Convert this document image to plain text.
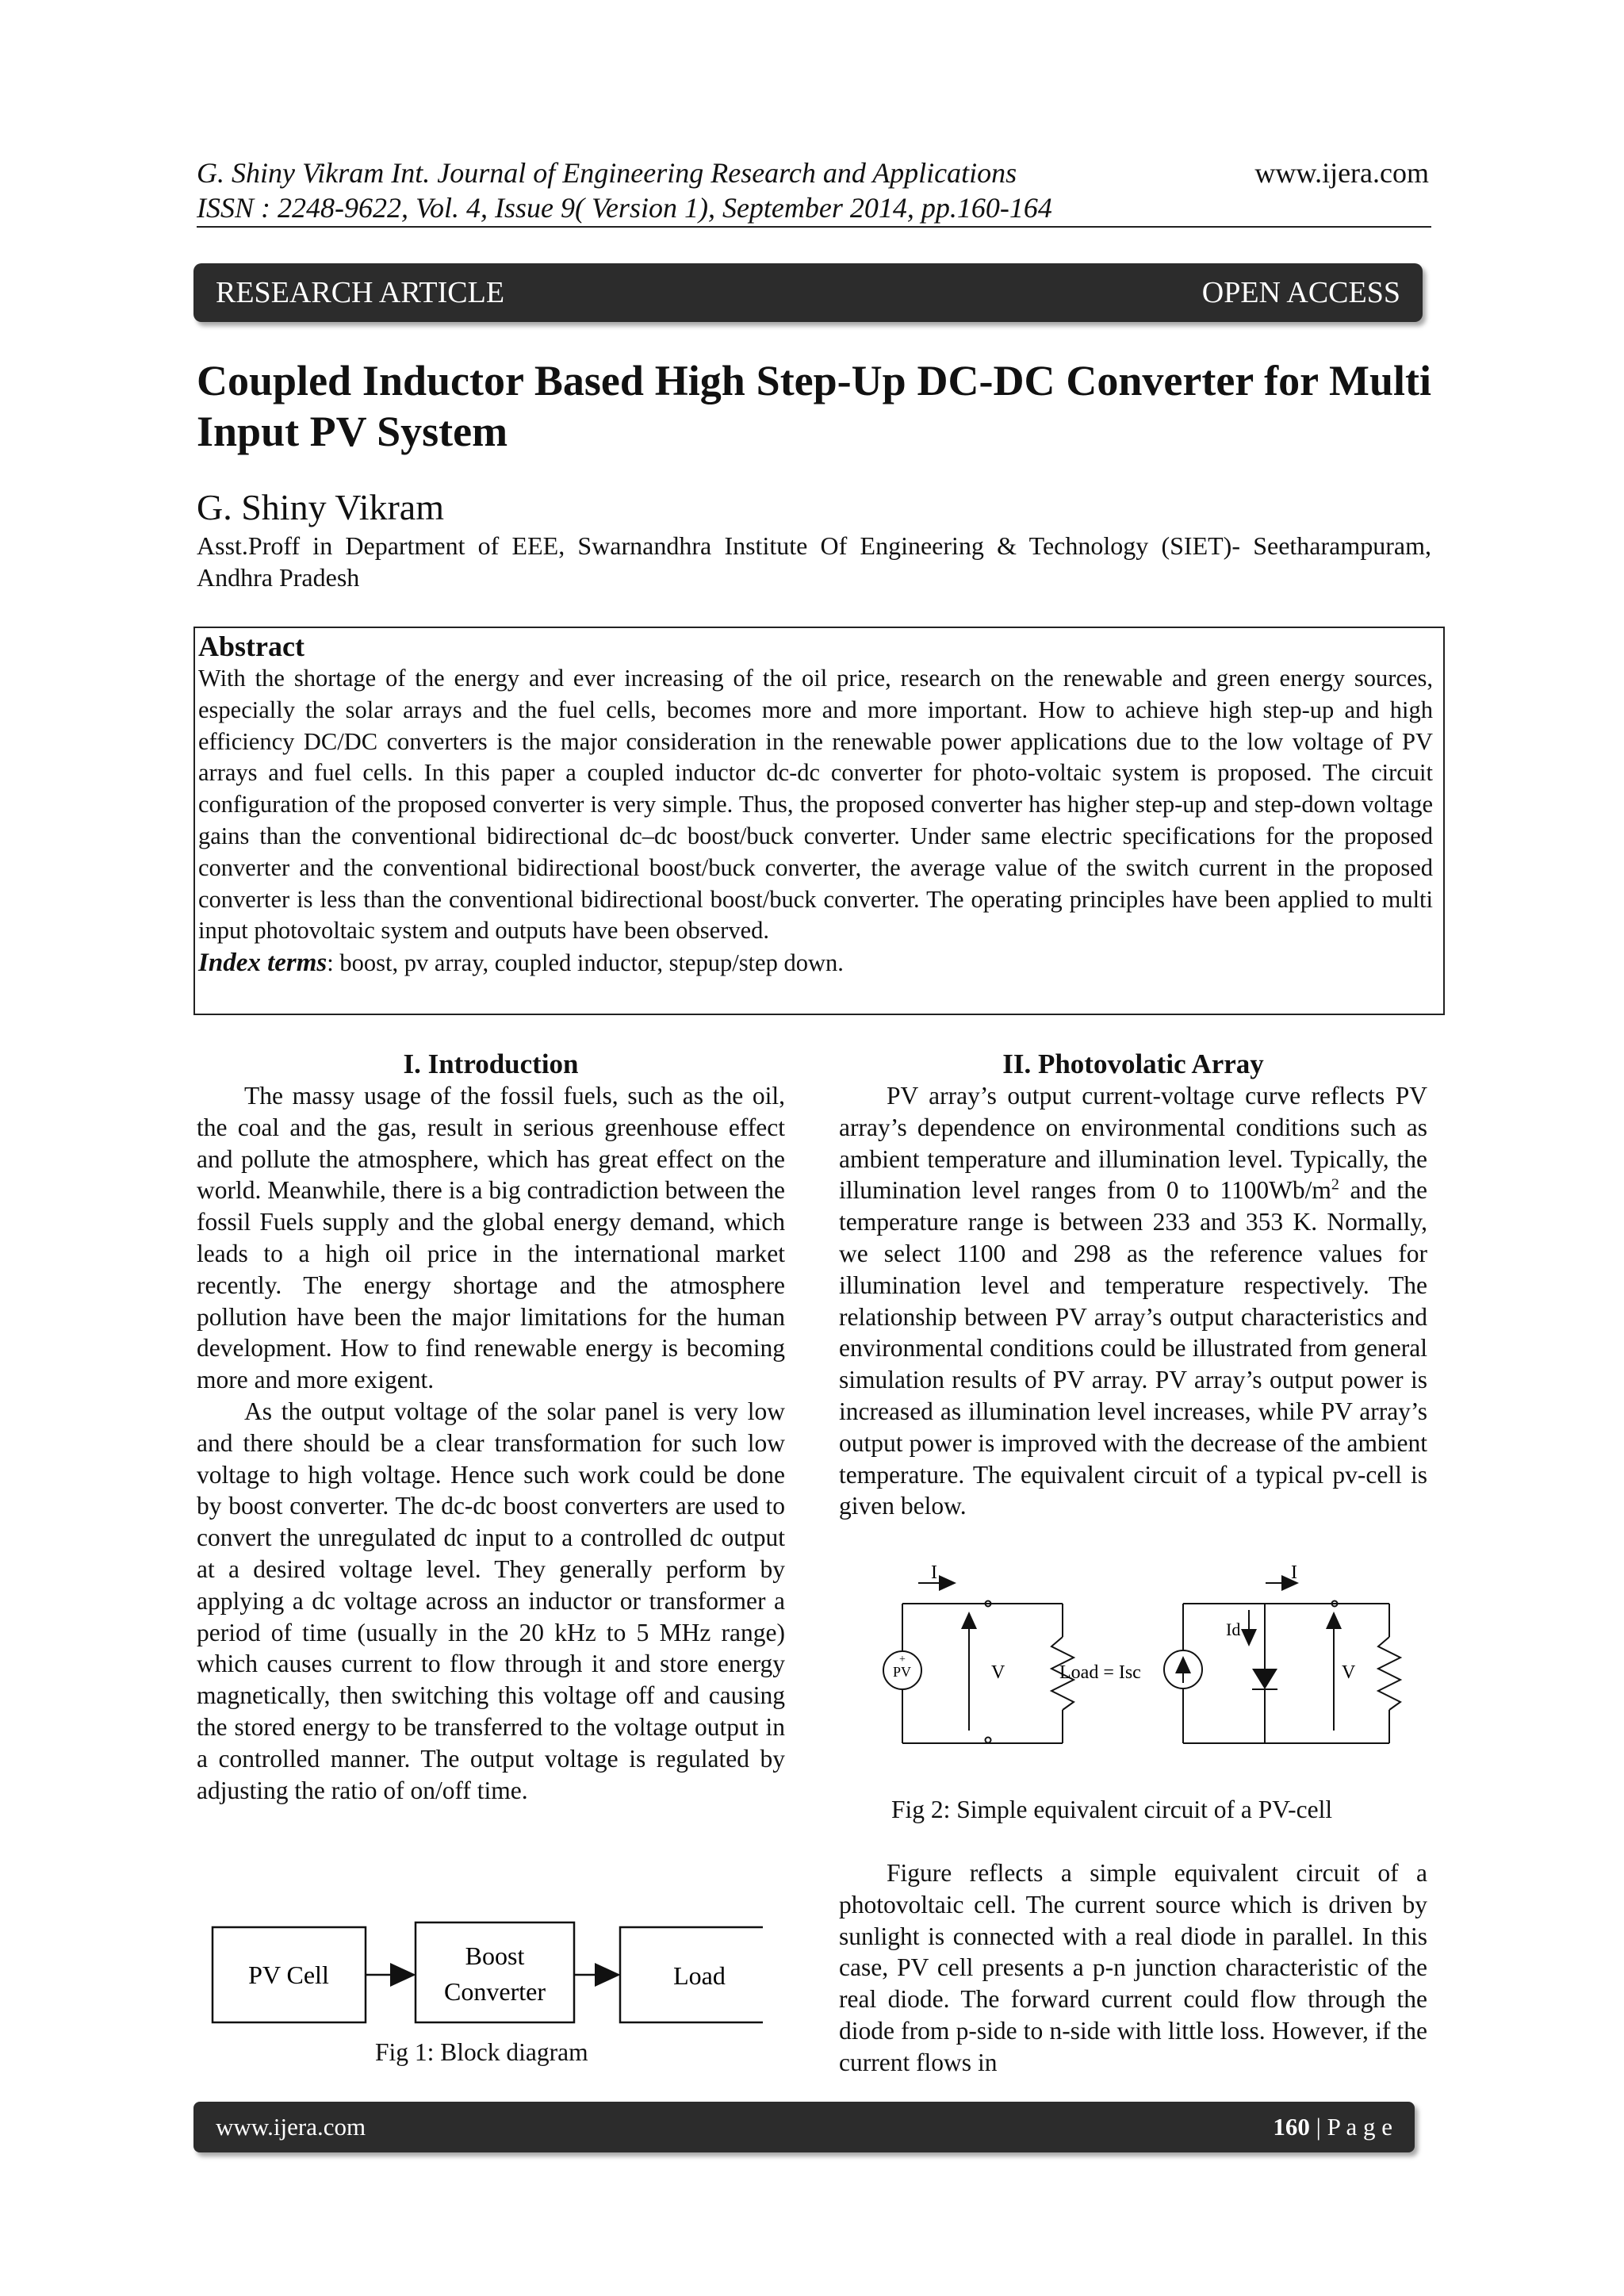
G. Shiny Vikram Int. Journal of Engineering Research and Applications	www.ijera.com
ISSN : 2248-9622, Vol. 4, Issue 9( Version 1), September 2014, pp.160-164
RESEARCH ARTICLE	OPEN ACCESS
Coupled Inductor Based High Step-Up DC-DC Converter for Multi Input PV System
G. Shiny Vikram
Asst.Proff in Department of EEE, Swarnandhra Institute Of Engineering & Technology (SIET)- Seetharampuram, Andhra Pradesh
Abstract
With the shortage of the energy and ever increasing of the oil price, research on the renewable and green energy sources, especially the solar arrays and the fuel cells, becomes more and more important. How to achieve high step-up and high efficiency DC/DC converters is the major consideration in the renewable power applications due to the low voltage of PV arrays and fuel cells. In this paper a coupled inductor dc-dc converter for photo-voltaic system is proposed. The circuit configuration of the proposed converter is very simple. Thus, the proposed converter has higher step-up and step-down voltage gains than the conventional bidirectional dc–dc boost/buck converter. Under same electric specifications for the proposed converter and the conventional bidirectional boost/buck converter, the average value of the switch current in the proposed converter is less than the conventional bidirectional boost/buck converter. The operating principles have been applied to multi input photovoltaic system and outputs have been observed.
Index terms: boost, pv array, coupled inductor, stepup/step down.
I. Introduction

The massy usage of the fossil fuels, such as the oil, the coal and the gas, result in serious greenhouse effect and pollute the atmosphere, which has great effect on the world. Meanwhile, there is a big contradiction between the fossil Fuels supply and the global energy demand, which leads to a high oil price in the international market recently. The energy shortage and the atmosphere pollution have been the major limitations for the human development. How to find renewable energy is becoming more and more exigent.

As the output voltage of the solar panel is very low and there should be a clear transformation for such low voltage to high voltage. Hence such work could be done by boost converter. The dc-dc boost converters are used to convert the unregulated dc input to a controlled dc output at a desired voltage level. They generally perform by applying a dc voltage across an inductor or transformer a period of time (usually in the 20 kHz to 5 MHz range) which causes current to flow through it and store energy magnetically, then switching this voltage off and causing the stored energy to be transferred to the voltage output in a controlled manner. The output voltage is regulated by adjusting the ratio of on/off time.

PV Cell
Boost
Converter
Load
Fig 1: Block diagram
II. Photovolatic Array

PV array’s output current-voltage curve reflects PV array’s dependence on environmental conditions such as ambient temperature and illumination level. Typically, the illumination level ranges from 0 to $1100Wb/m^2$ and the temperature range is between 233 and 353 K. Normally, we select 1100 and 298 as the reference values for illumination level and temperature respectively. The relationship between PV array’s output characteristics and environmental conditions could be illustrated from general simulation results of PV array. PV array’s output power is increased as illumination level increases, while PV array’s output power is improved with the decrease of the ambient temperature. The equivalent circuit of a typical pv-cell is given below.

I
+
PV	V	Load = Isc
I
Id
V
Fig 2: Simple equivalent circuit of a PV-cell

Figure reflects a simple equivalent circuit of a photovoltaic cell. The current source which is driven by sunlight is connected with a real diode in parallel. In this case, PV cell presents a p-n junction characteristic of the real diode. The forward current could flow through the diode from p-side to n-side with little loss. However, if the current flows in

www.ijera.com	160 | P a g e
